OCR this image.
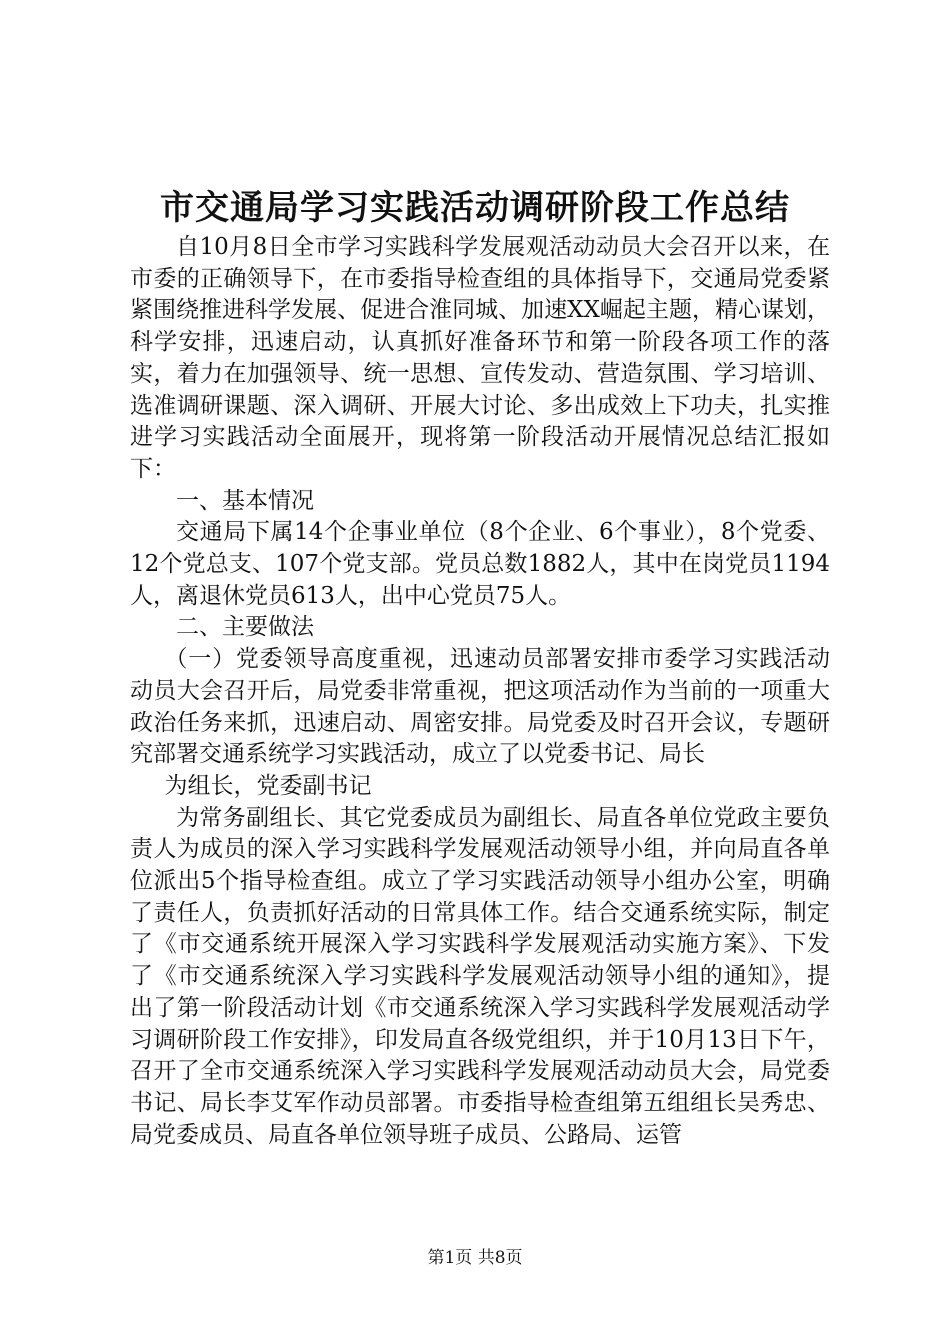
市交通局学习实践活动调研阶段工作总结

自10月8日全市学习实践科学发展观活动动员大会召开以来，在市委的正确领导下，在市委指导检查组的具体指导下，交通局党委紧紧围绕推进科学发展、促进合淮同城、加速XX崛起主题，精心谋划，科学安排，迅速启动，认真抓好准备环节和第一阶段各项工作的落实，着力在加强领导、统一思想、宣传发动、营造氛围、学习培训、选准调研课题、深入调研、开展大讨论、多出成效上下功夫，扎实推进学习实践活动全面展开，现将第一阶段活动开展情况总结汇报如下：

一、基本情况

交通局下属14个企事业单位（8个企业、6个事业），8个党委、12个党总支、107个党支部。党员总数1882人，其中在岗党员1194人，离退休党员613人，出中心党员75人。

二、主要做法

（一）党委领导高度重视，迅速动员部署安排市委学习实践活动动员大会召开后，局党委非常重视，把这项活动作为当前的一项重大政治任务来抓，迅速启动、周密安排。局党委及时召开会议，专题研究部署交通系统学习实践活动，成立了以党委书记、局长

为组长，党委副书记

为常务副组长、其它党委成员为副组长、局直各单位党政主要负责人为成员的深入学习实践科学发展观活动领导小组，并向局直各单位派出5个指导检查组。成立了学习实践活动领导小组办公室，明确了责任人，负责抓好活动的日常具体工作。结合交通系统实际，制定了《市交通系统开展深入学习实践科学发展观活动实施方案》、下发了《市交通系统深入学习实践科学发展观活动领导小组的通知》，提出了第一阶段活动计划《市交通系统深入学习实践科学发展观活动学习调研阶段工作安排》，印发局直各级党组织，并于10月13日下午，召开了全市交通系统深入学习实践科学发展观活动动员大会，局党委书记、局长李艾军作动员部署。市委指导检查组第五组组长吴秀忠、局党委成员、局直各单位领导班子成员、公路局、运管

第1页 共8页
